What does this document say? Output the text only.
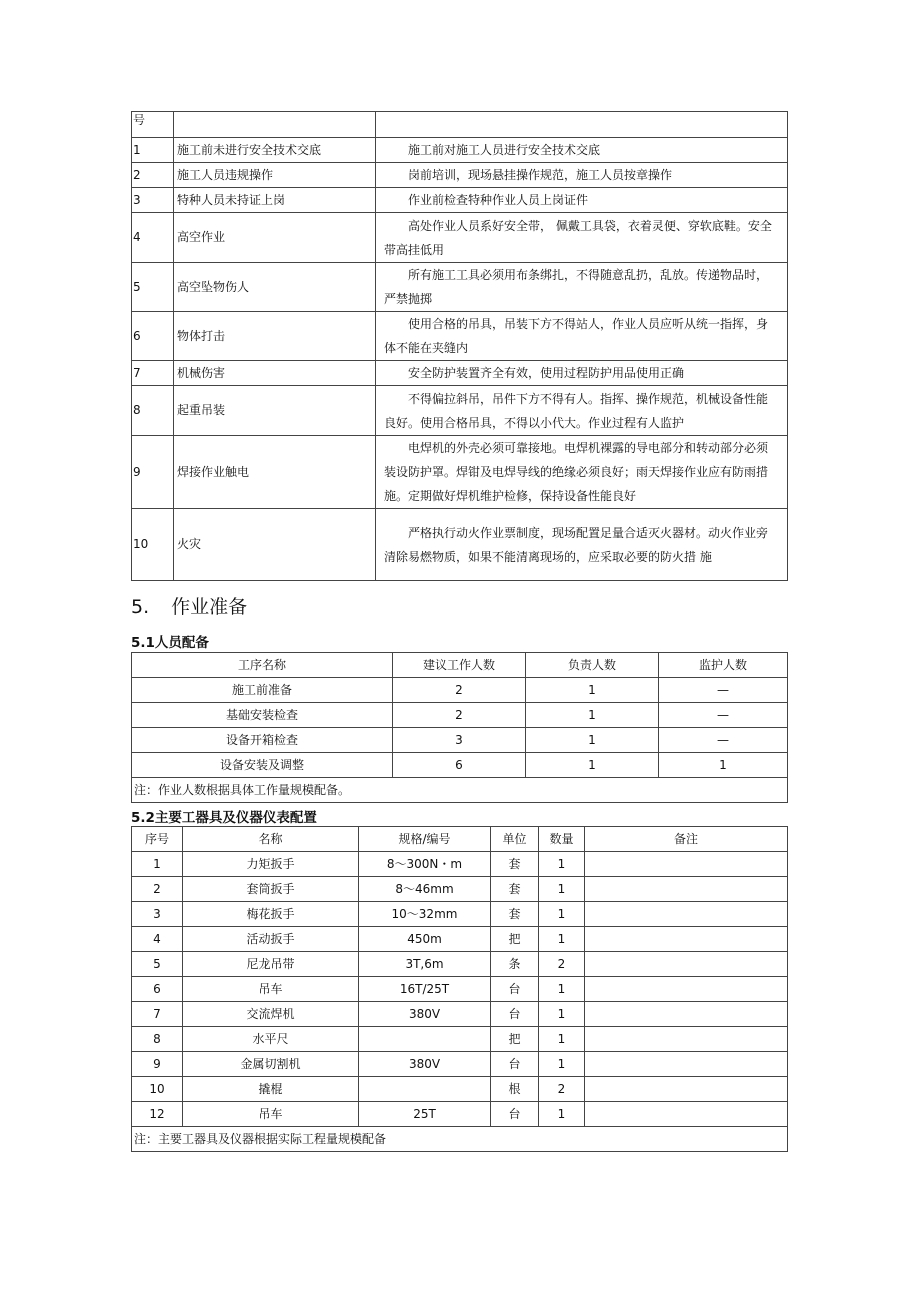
号		
1	施工前未进行安全技术交底	施工前对施工人员进行安全技术交底

2	施工人员违规操作	岗前培训，现场悬挂操作规范，施工人员按章操作

3	特种人员未持证上岗	作业前检查特种作业人员上岗证件

4	高空作业	高处作业人员系好安全带， 佩戴工具袋，衣着灵便、穿软底鞋。安全带高挂低用

5	高空坠物伤人	所有施工工具必须用布条绑扎，不得随意乱扔，乱放。传递物品时，严禁抛掷

6	物体打击	使用合格的吊具，吊装下方不得站人，作业人员应听从统一指挥，身体不能在夹缝内

7	机械伤害	安全防护装置齐全有效，使用过程防护用品使用正确

8	起重吊装	不得偏拉斜吊，吊件下方不得有人。指挥、操作规范，机械设备性能良好。使用合格吊具，不得以小代大。作业过程有人监护

9	焊接作业触电	电焊机的外壳必须可靠接地。电焊机裸露的导电部分和转动部分必须装设防护罩。焊钳及电焊导线的绝缘必须良好；雨天焊接作业应有防雨措施。定期做好焊机维护检修，保持设备性能良好

10	火灾	严格执行动火作业票制度，现场配置足量合适灭火器材。动火作业旁清除易燃物质，如果不能清离现场的，应采取必要的防火措 施
5. 作业准备
5.1人员配备
工序名称	建议工作人数	负责人数	监护人数
施工前准备	2	1	—
基础安装检查	2	1	—
设备开箱检查	3	1	—
设备安装及调整	6	1	1
注：作业人数根据具体工作量规模配备。			
5.2主要工器具及仪器仪表配置
序号	名称	规格/编号	单位	数量	备注
1	力矩扳手	8～300N・m	套	1	
2	套筒扳手	8～46mm	套	1	
3	梅花扳手	10～32mm	套	1	
4	活动扳手	450m	把	1	
5	尼龙吊带	3T,6m	条	2	
6	吊车	16T/25T	台	1	
7	交流焊机	380V	台	1	
8	水平尺		把	1	
9	金属切割机	380V	台	1	
10	撬棍		根	2	
12	吊车	25T	台	1	
注：主要工器具及仪器根据实际工程量规模配备					
